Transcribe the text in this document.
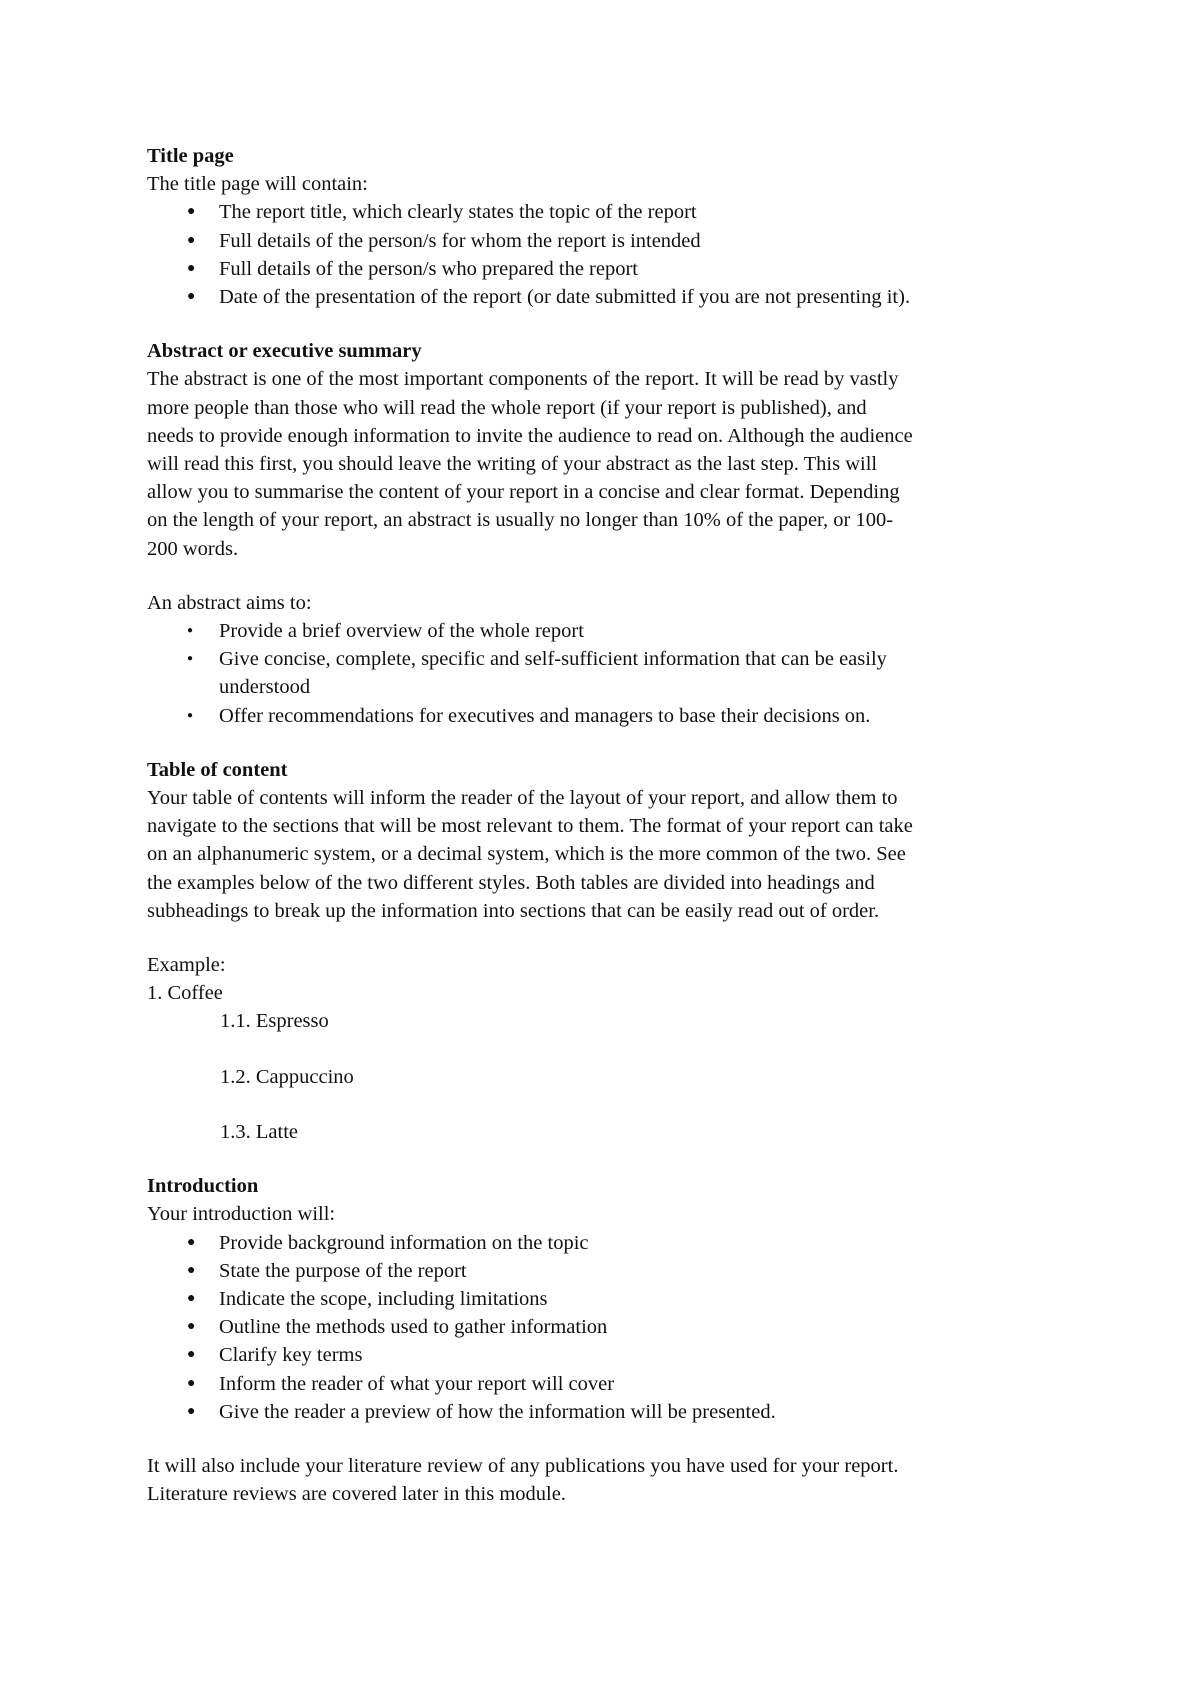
Title page

The title page will contain:

● The report title, which clearly states the topic of the report
● Full details of the person/s for whom the report is intended
● Full details of the person/s who prepared the report
● Date of the presentation of the report (or date submitted if you are not presenting it).

Abstract or executive summary

The abstract is one of the most important components of the report. It will be read by vastly
more people than those who will read the whole report (if your report is published), and
needs to provide enough information to invite the audience to read on. Although the audience
will read this first, you should leave the writing of your abstract as the last step. This will
allow you to summarise the content of your report in a concise and clear format. Depending
on the length of your report, an abstract is usually no longer than 10% of the paper, or 100-
200 words.

An abstract aims to:

● Provide a brief overview of the whole report
● Give concise, complete, specific and self-sufficient information that can be easily
understood
● Offer recommendations for executives and managers to base their decisions on.

Table of content

Your table of contents will inform the reader of the layout of your report, and allow them to
navigate to the sections that will be most relevant to them. The format of your report can take
on an alphanumeric system, or a decimal system, which is the more common of the two. See
the examples below of the two different styles. Both tables are divided into headings and
subheadings to break up the information into sections that can be easily read out of order.

Example:

1. Coffee

1.1. Espresso
1.2. Cappuccino
1.3. Latte

Introduction

Your introduction will:

● Provide background information on the topic
● State the purpose of the report
● Indicate the scope, including limitations
● Outline the methods used to gather information
● Clarify key terms
● Inform the reader of what your report will cover
● Give the reader a preview of how the information will be presented.
It will also include your literature review of any publications you have used for your report.
Literature reviews are covered later in this module.
